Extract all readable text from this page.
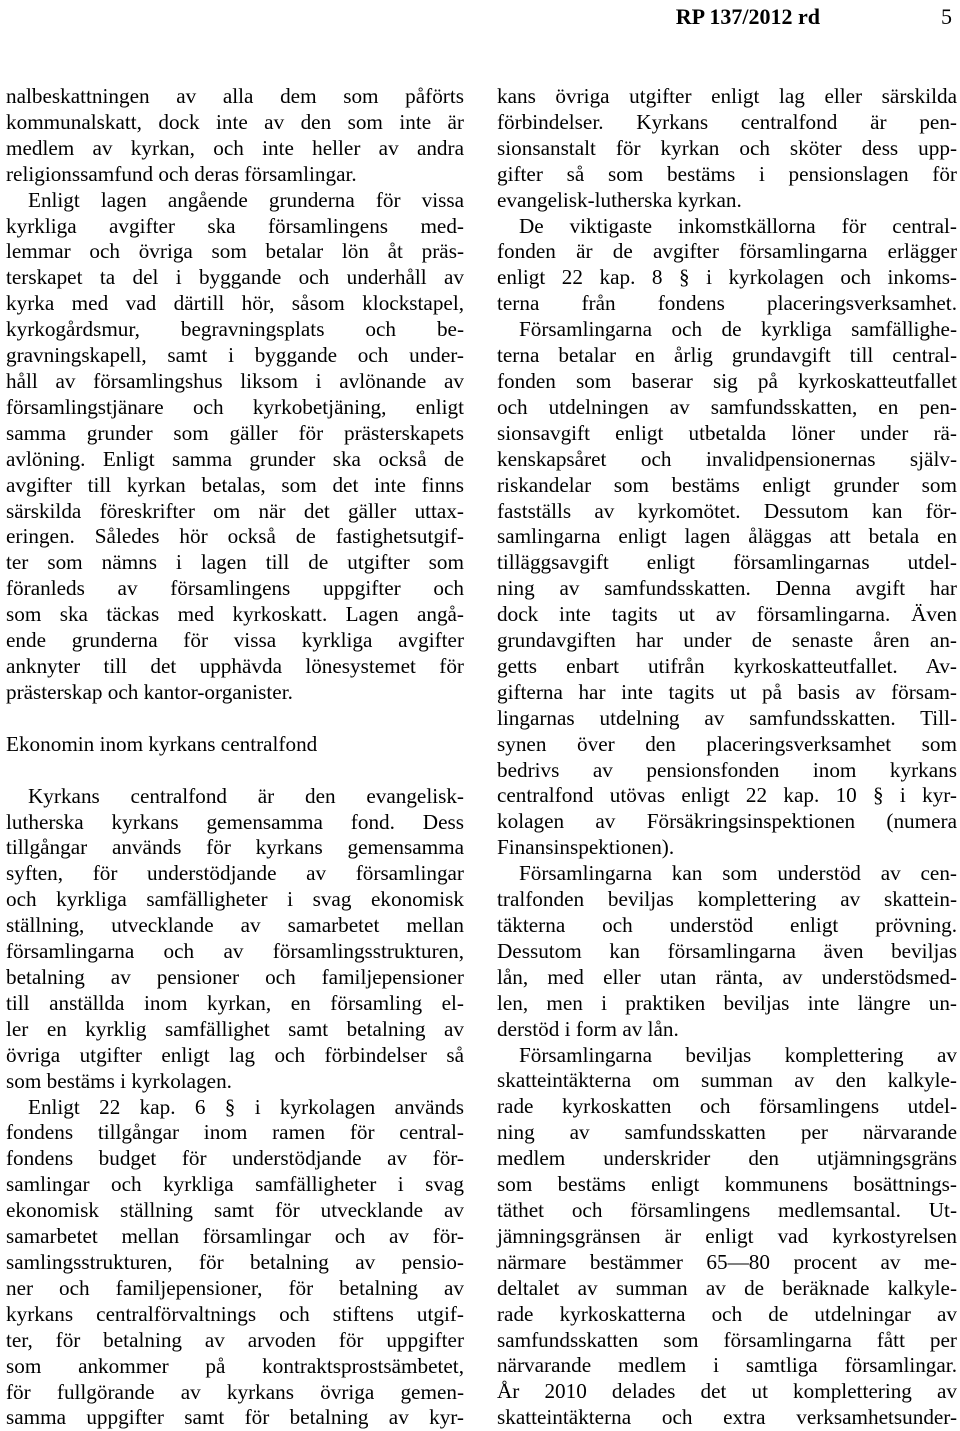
RP 137/2012 rd	5
nalbeskattningen av alla dem som påförts
kommunalskatt, dock inte av den som inte är
medlem av kyrkan, och inte heller av andra
religionssamfund och deras församlingar.
Enligt lagen angående grunderna för vissa
kyrkliga avgifter ska församlingens med-
lemmar och övriga som betalar lön åt präs-
terskapet ta del i byggande och underhåll av
kyrka med vad därtill hör, såsom klockstapel,
kyrkogårdsmur, begravningsplats och be-
gravningskapell, samt i byggande och under-
håll av församlingshus liksom i avlönande av
församlingstjänare och kyrkobetjäning, enligt
samma grunder som gäller för prästerskapets
avlöning. Enligt samma grunder ska också de
avgifter till kyrkan betalas, som det inte finns
särskilda föreskrifter om när det gäller uttax-
eringen. Således hör också de fastighetsutgif-
ter som nämns i lagen till de utgifter som
föranleds av församlingens uppgifter och
som ska täckas med kyrkoskatt. Lagen angå-
ende grunderna för vissa kyrkliga avgifter
anknyter till det upphävda lönesystemet för
prästerskap och kantor-organister.
Ekonomin inom kyrkans centralfond
Kyrkans centralfond är den evangelisk-
lutherska kyrkans gemensamma fond. Dess
tillgångar används för kyrkans gemensamma
syften, för understödjande av församlingar
och kyrkliga samfälligheter i svag ekonomisk
ställning, utvecklande av samarbetet mellan
församlingarna och av församlingsstrukturen,
betalning av pensioner och familjepensioner
till anställda inom kyrkan, en församling el-
ler en kyrklig samfällighet samt betalning av
övriga utgifter enligt lag och förbindelser så
som bestäms i kyrkolagen.
Enligt 22 kap. 6 § i kyrkolagen används
fondens tillgångar inom ramen för central-
fondens budget för understödjande av för-
samlingar och kyrkliga samfälligheter i svag
ekonomisk ställning samt för utvecklande av
samarbetet mellan församlingar och av för-
samlingsstrukturen, för betalning av pensio-
ner och familjepensioner, för betalning av
kyrkans centralförvaltnings och stiftens utgif-
ter, för betalning av arvoden för uppgifter
som ankommer på kontraktsprostsämbetet,
för fullgörande av kyrkans övriga gemen-
samma uppgifter samt för betalning av kyr-
kans övriga utgifter enligt lag eller särskilda
förbindelser. Kyrkans centralfond är pen-
sionsanstalt för kyrkan och sköter dess upp-
gifter så som bestäms i pensionslagen för
evangelisk-lutherska kyrkan.
De viktigaste inkomstkällorna för central-
fonden är de avgifter församlingarna erlägger
enligt 22 kap. 8 § i kyrkolagen och inkoms-
terna från fondens placeringsverksamhet.
Församlingarna och de kyrkliga samfällighe-
terna betalar en årlig grundavgift till central-
fonden som baserar sig på kyrkoskatteutfallet
och utdelningen av samfundsskatten, en pen-
sionsavgift enligt utbetalda löner under rä-
kenskapsåret och invalidpensionernas själv-
riskandelar som bestäms enligt grunder som
fastställs av kyrkomötet. Dessutom kan för-
samlingarna enligt lagen åläggas att betala en
tilläggsavgift enligt församlingarnas utdel-
ning av samfundsskatten. Denna avgift har
dock inte tagits ut av församlingarna. Även
grundavgiften har under de senaste åren an-
getts enbart utifrån kyrkoskatteutfallet. Av-
gifterna har inte tagits ut på basis av försam-
lingarnas utdelning av samfundsskatten. Till-
synen över den placeringsverksamhet som
bedrivs av pensionsfonden inom kyrkans
centralfond utövas enligt 22 kap. 10 § i kyr-
kolagen av Försäkringsinspektionen (numera
Finansinspektionen).
Församlingarna kan som understöd av cen-
tralfonden beviljas komplettering av skattein-
täkterna och understöd enligt prövning.
Dessutom kan församlingarna även beviljas
lån, med eller utan ränta, av understödsmed-
len, men i praktiken beviljas inte längre un-
derstöd i form av lån.
Församlingarna beviljas komplettering av
skatteintäkterna om summan av den kalkyle-
rade kyrkoskatten och församlingens utdel-
ning av samfundsskatten per närvarande
medlem underskrider den utjämningsgräns
som bestäms enligt kommunens bosättnings-
täthet och församlingens medlemsantal. Ut-
jämningsgränsen är enligt vad kyrkostyrelsen
närmare bestämmer 65—80 procent av me-
deltalet av summan av de beräknade kalkyle-
rade kyrkoskatterna och de utdelningar av
samfundsskatten som församlingarna fått per
närvarande medlem i samtliga församlingar.
År 2010 delades det ut komplettering av
skatteintäkterna och extra verksamhetsunder-
